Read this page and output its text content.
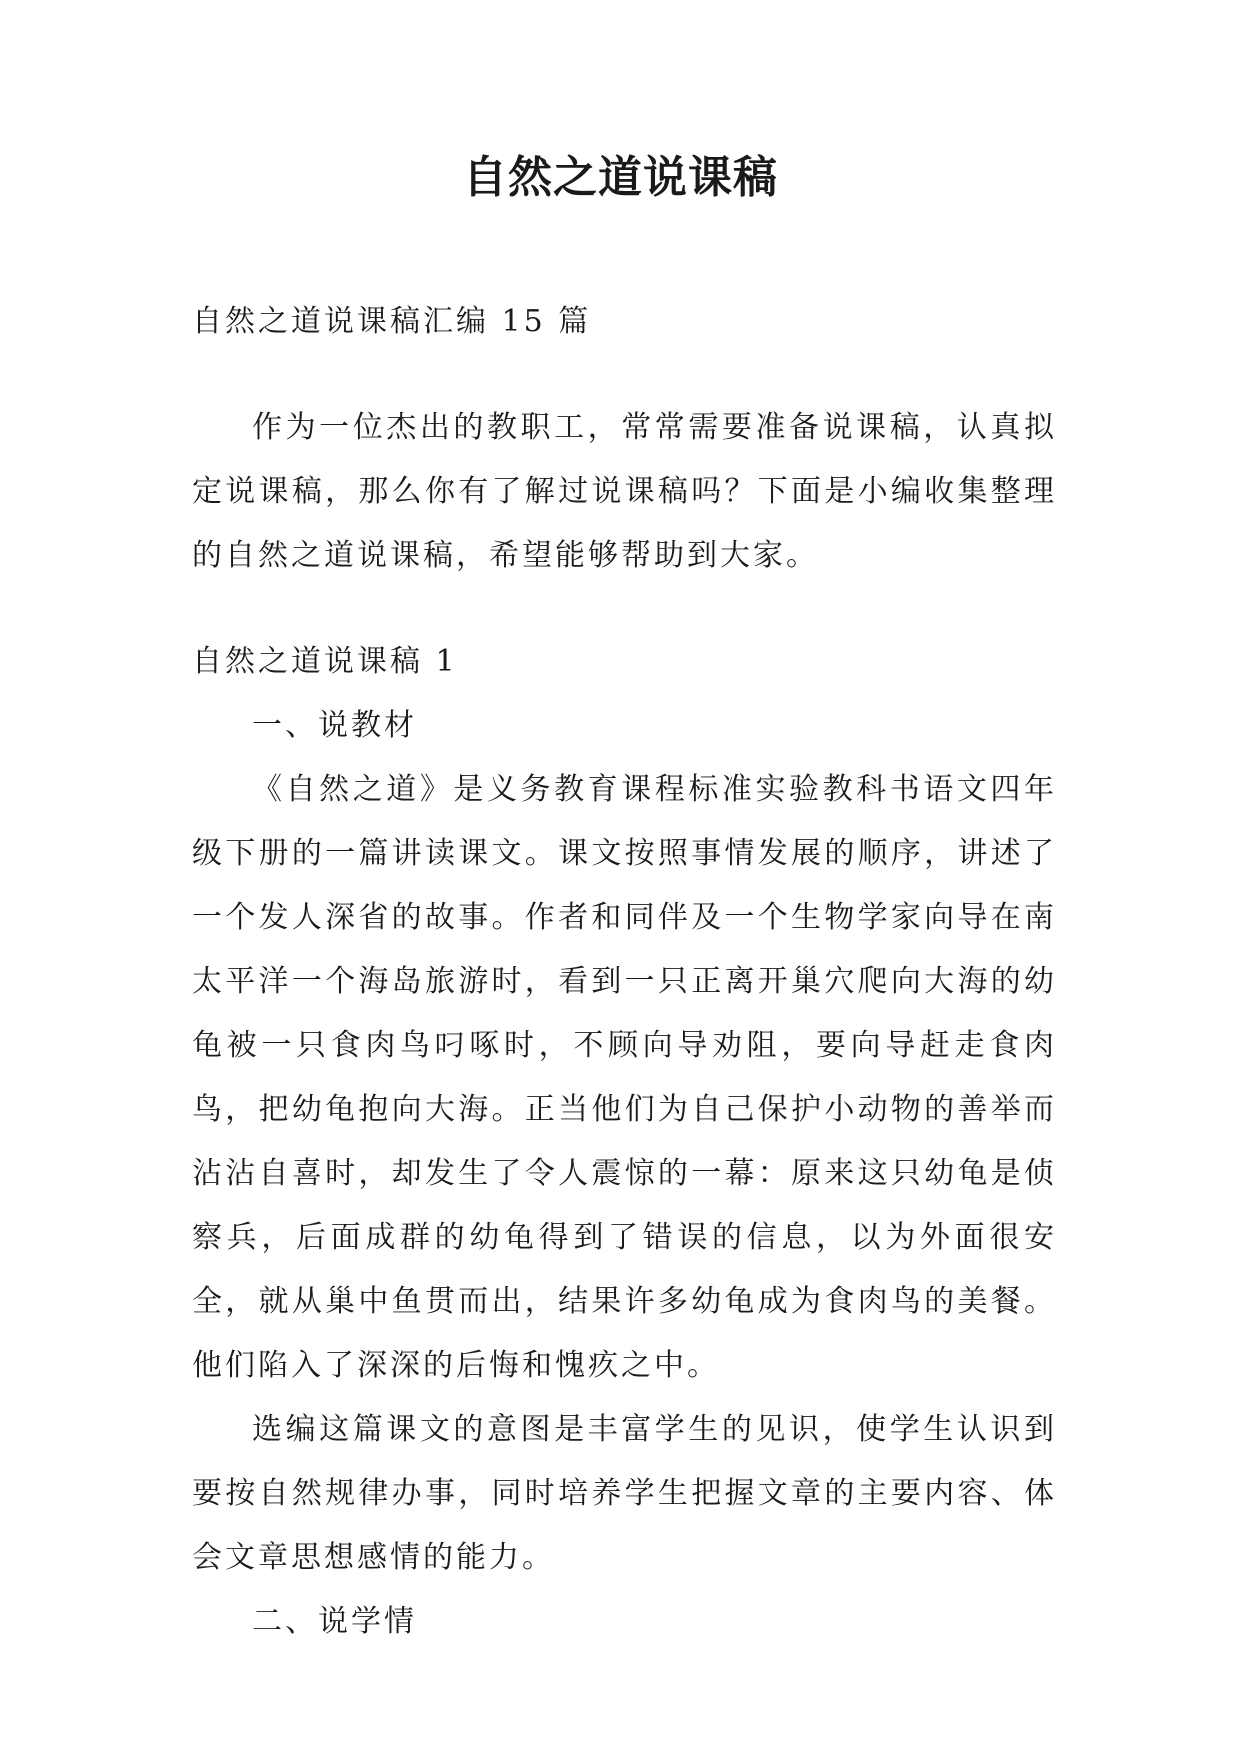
自然之道说课稿

自然之道说课稿汇编 15 篇

作为一位杰出的教职工，常常需要准备说课稿，认真拟定说课稿，那么你有了解过说课稿吗？下面是小编收集整理的自然之道说课稿，希望能够帮助到大家。

自然之道说课稿 1

一、说教材

《自然之道》是义务教育课程标准实验教科书语文四年级下册的一篇讲读课文。课文按照事情发展的顺序，讲述了一个发人深省的故事。作者和同伴及一个生物学家向导在南太平洋一个海岛旅游时，看到一只正离开巢穴爬向大海的幼龟被一只食肉鸟叼啄时，不顾向导劝阻，要向导赶走食肉鸟，把幼龟抱向大海。正当他们为自己保护小动物的善举而沾沾自喜时，却发生了令人震惊的一幕：原来这只幼龟是侦察兵，后面成群的幼龟得到了错误的信息，以为外面很安全，就从巢中鱼贯而出，结果许多幼龟成为食肉鸟的美餐。他们陷入了深深的后悔和愧疚之中。

选编这篇课文的意图是丰富学生的见识，使学生认识到要按自然规律办事，同时培养学生把握文章的主要内容、体会文章思想感情的能力。

二、说学情
